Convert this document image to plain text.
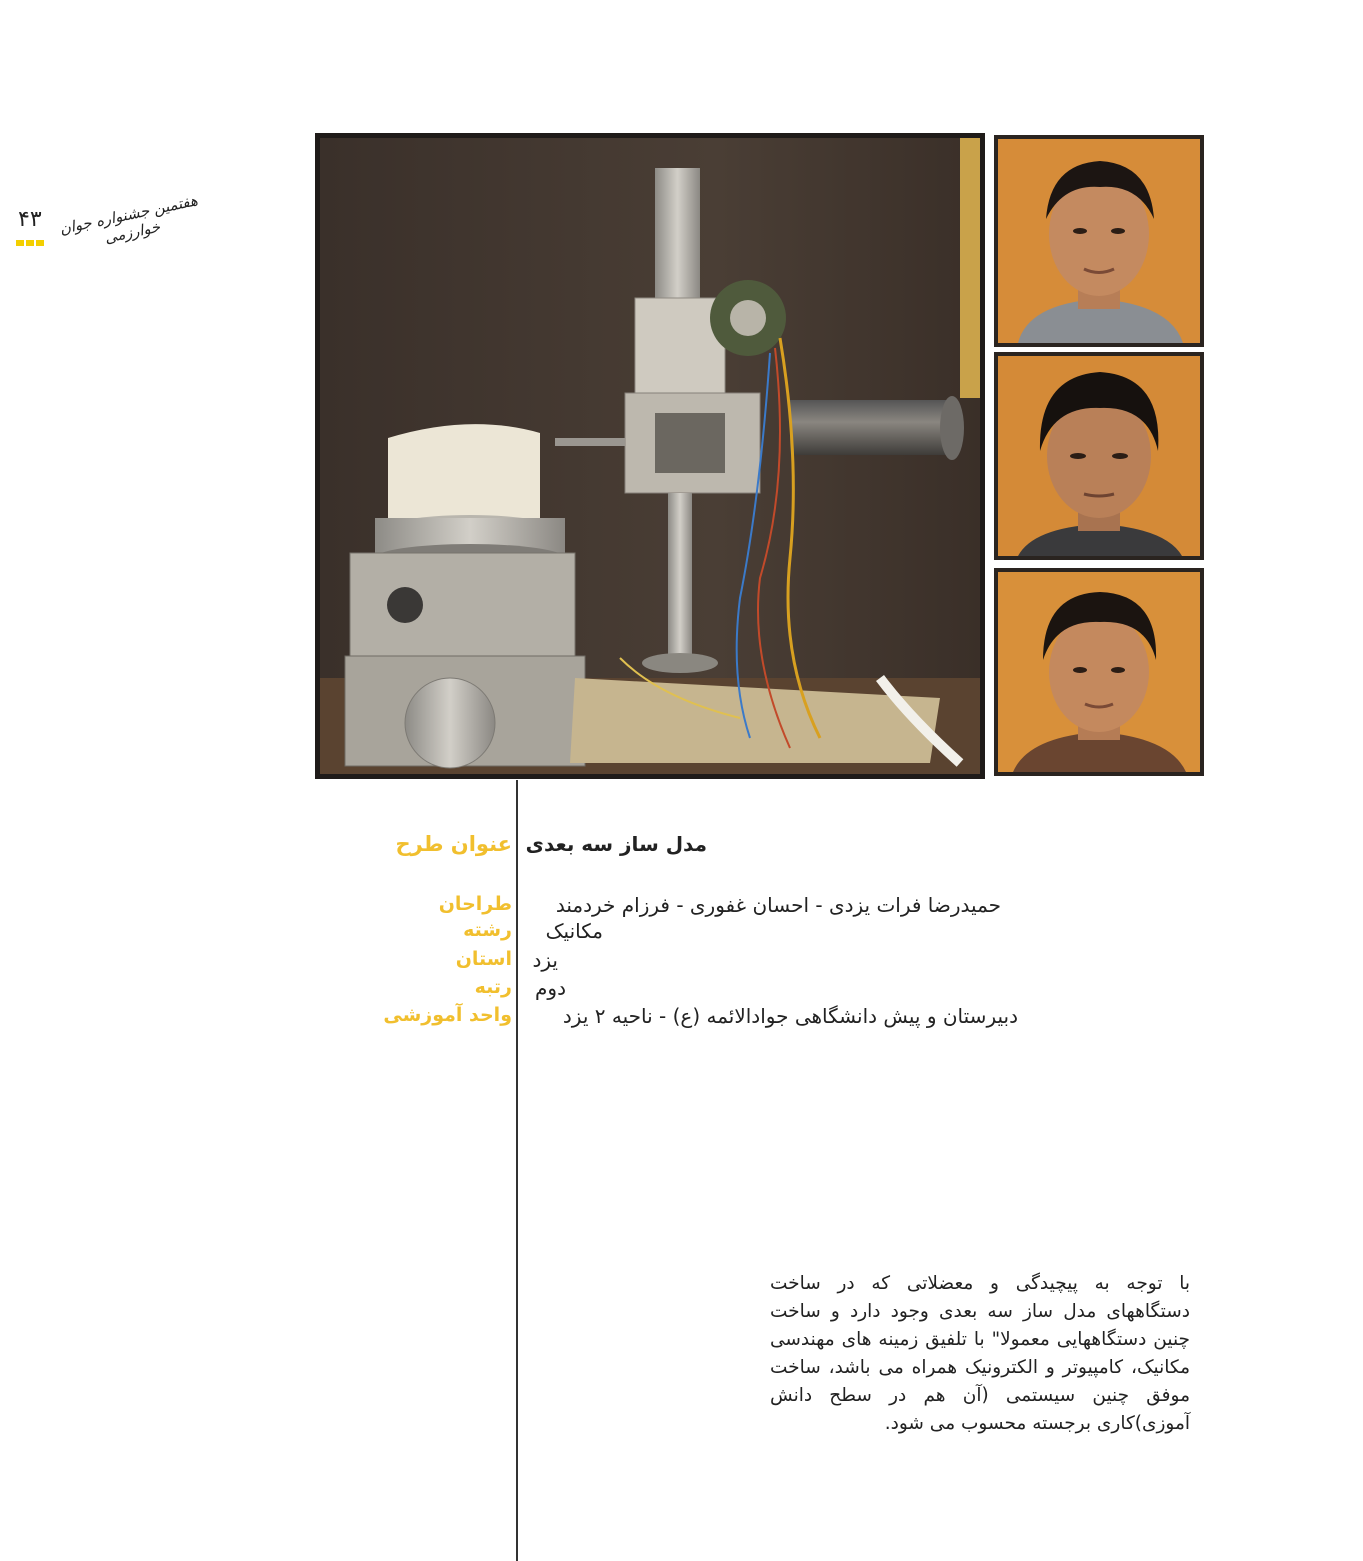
۴۳	هفتمین جشنواره جوان خوارزمی
عنوان طرح مدل ساز سه بعدی
طراحان حمیدرضا فرات یزدی - احسان غفوری - فرزام خردمند
رشته مکانیک
استان یزد
رتبه دوم
واحد آموزشی	دبیرستان و پیش دانشگاهی جوادالائمه (ع) - ناحیه ۲ یزد
با توجه به پیچیدگی و معضلاتی که در ساخت دستگاههای مدل ساز سه بعدی وجود دارد و ساخت چنین دستگاههایی معمولا" با تلفیق زمینه های مهندسی مکانیک، کامپیوتر و الکترونیک همراه می باشد، ساخت موفق چنین سیستمی (آن هم در سطح دانش آموزی)کاری برجسته محسوب می شود.
